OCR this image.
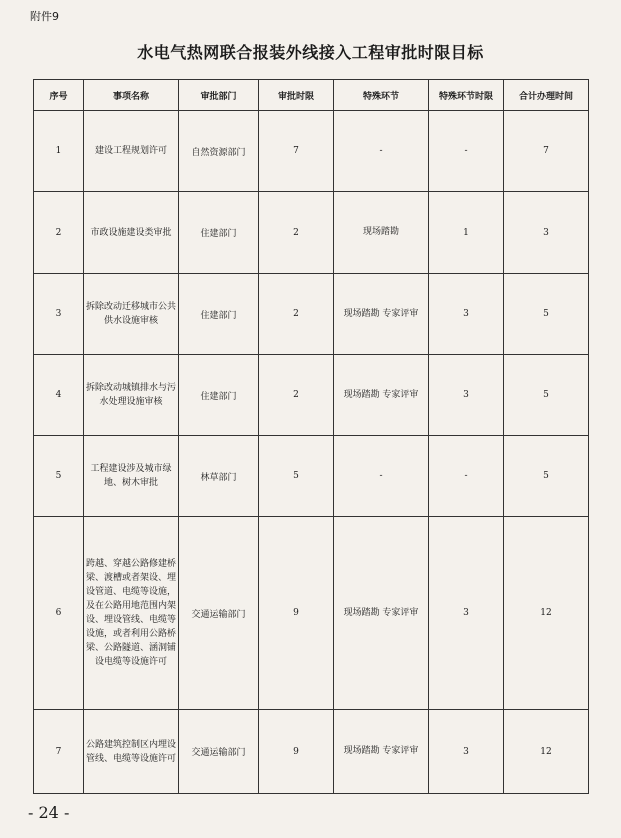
附件9
水电气热网联合报装外线接入工程审批时限目标
序号	事项名称	审批部门	审批时限	特殊环节	特殊环节时限	合计办理时间
1	建设工程规划许可	自然资源部门	7	-	-	7
2	市政设施建设类审批	住建部门	2	现场踏勘	1	3
3	拆除改动迁移城市公共供水设施审核	住建部门	2	现场踏勘 专家评审	3	5
4	拆除改动城镇排水与污水处理设施审核	住建部门	2	现场踏勘 专家评审	3	5
5	工程建设涉及城市绿地、树木审批	林草部门	5	-	-	5
6	跨越、穿越公路修建桥梁、渡槽或者架设、埋设管道、电缆等设施，及在公路用地范围内架设、埋设管线、电缆等设施，或者利用公路桥梁、公路隧道、涵洞铺设电缆等设施许可	交通运输部门	9	现场踏勘 专家评审	3	12
7	公路建筑控制区内埋设管线、电缆等设施许可	交通运输部门	9	现场踏勘 专家评审	3	12
- 24 -
